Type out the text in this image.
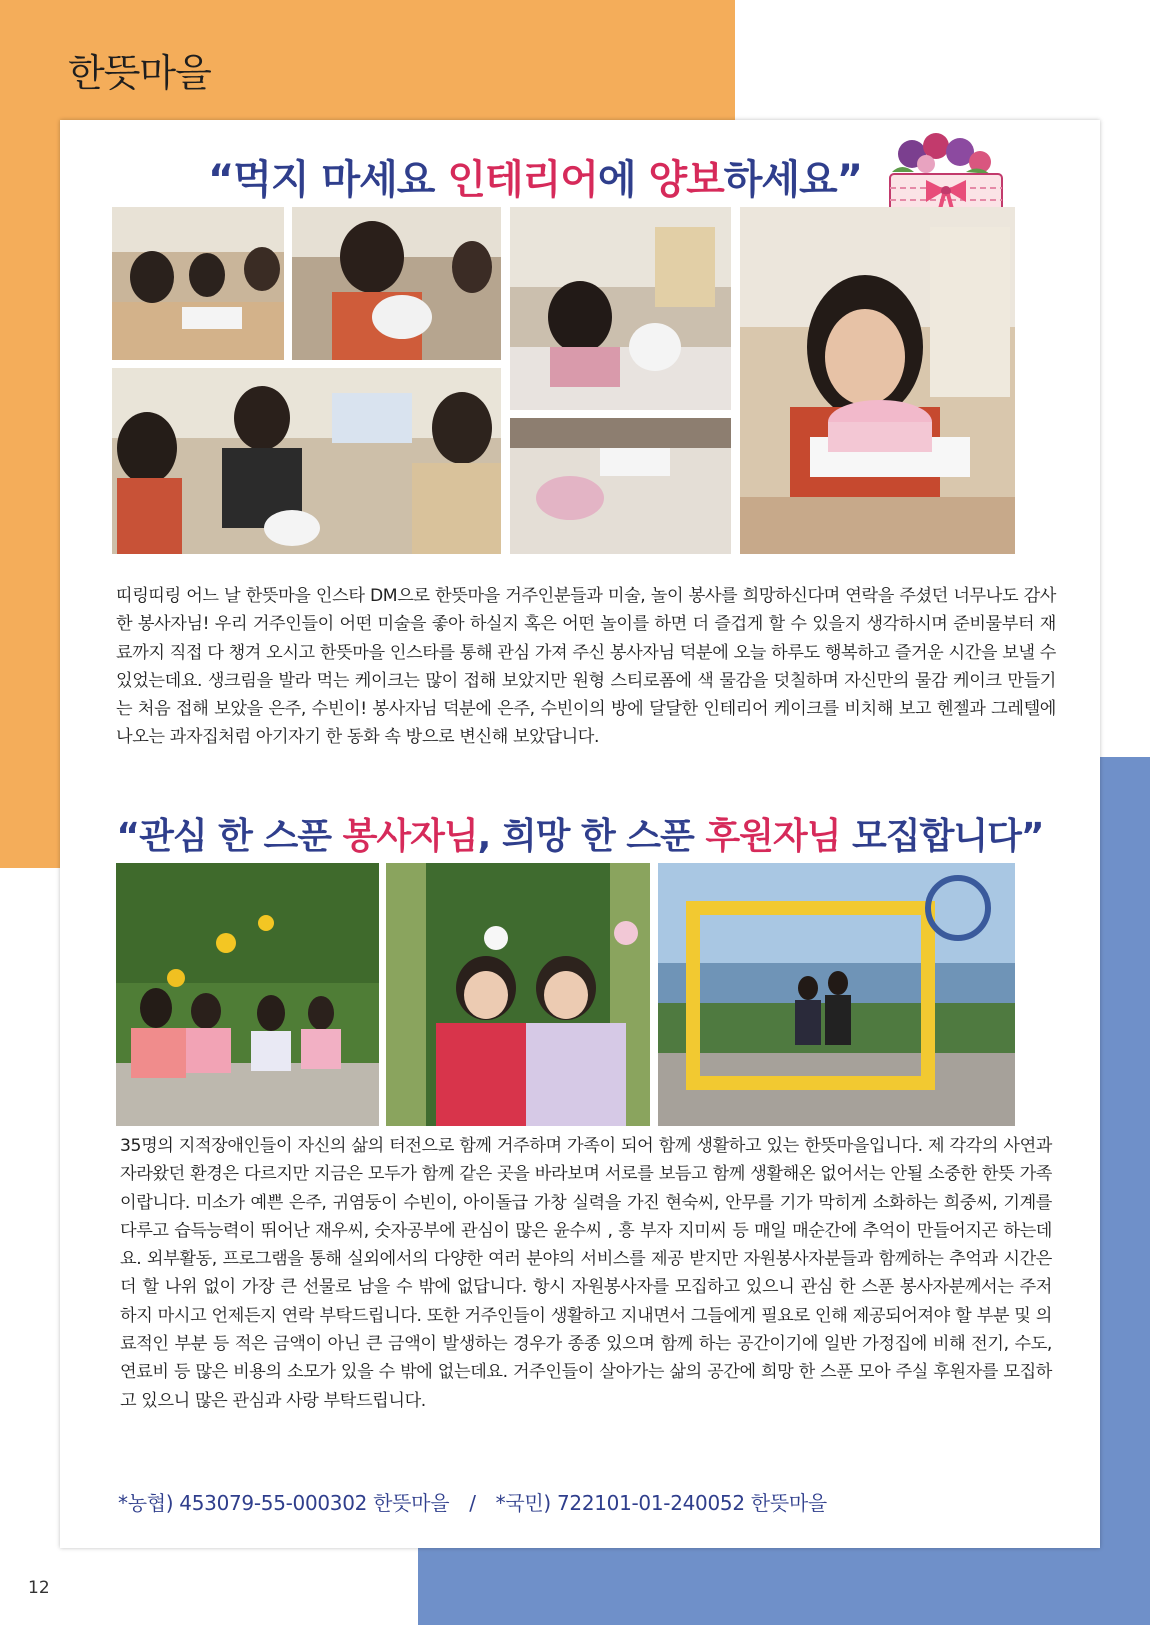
한뜻마을
“먹지 마세요 인테리어에 양보하세요”

띠링띠링 어느 날 한뜻마을 인스타 DM으로 한뜻마을 거주인분들과 미술, 놀이 봉사를 희망하신다며 연락을 주셨던 너무나도 감사한 봉사자님! 우리 거주인들이 어떤 미술을 좋아 하실지 혹은 어떤 놀이를 하면 더 즐겁게 할 수 있을지 생각하시며 준비물부터 재료까지 직접 다 챙겨 오시고 한뜻마을 인스타를 통해 관심 가져 주신 봉사자님 덕분에 오늘 하루도 행복하고 즐거운 시간을 보낼 수 있었는데요. 생크림을 발라 먹는 케이크는 많이 접해 보았지만 원형 스티로폼에 색 물감을 덧칠하며 자신만의 물감 케이크 만들기는 처음 접해 보았을 은주, 수빈이! 봉사자님 덕분에 은주, 수빈이의 방에 달달한 인테리어 케이크를 비치해 보고 헨젤과 그레텔에 나오는 과자집처럼 아기자기 한 동화 속 방으로 변신해 보았답니다.

“관심 한 스푼 봉사자님, 희망 한 스푼 후원자님 모집합니다”

35명의 지적장애인들이 자신의 삶의 터전으로 함께 거주하며 가족이 되어 함께 생활하고 있는 한뜻마을입니다. 제 각각의 사연과 자라왔던 환경은 다르지만 지금은 모두가 함께 같은 곳을 바라보며 서로를 보듬고 함께 생활해온 없어서는 안될 소중한 한뜻 가족이랍니다. 미소가 예쁜 은주, 귀염둥이 수빈이, 아이돌급 가창 실력을 가진 현숙씨, 안무를 기가 막히게 소화하는 희중씨, 기계를 다루고 습득능력이 뛰어난 재우씨, 숫자공부에 관심이 많은 윤수씨 , 흥 부자 지미씨 등 매일 매순간에 추억이 만들어지곤 하는데요. 외부활동, 프로그램을 통해 실외에서의 다양한 여러 분야의 서비스를 제공 받지만 자원봉사자분들과 함께하는 추억과 시간은 더 할 나위 없이 가장 큰 선물로 남을 수 밖에 없답니다. 항시 자원봉사자를 모집하고 있으니 관심 한 스푼 봉사자분께서는 주저 하지 마시고 언제든지 연락 부탁드립니다. 또한 거주인들이 생활하고 지내면서 그들에게 필요로 인해 제공되어져야 할 부분 및 의료적인 부분 등 적은 금액이 아닌 큰 금액이 발생하는 경우가 종종 있으며 함께 하는 공간이기에 일반 가정집에 비해 전기, 수도, 연료비 등 많은 비용의 소모가 있을 수 밖에 없는데요. 거주인들이 살아가는 삶의 공간에 희망 한 스푼 모아 주실 후원자를 모집하고 있으니 많은 관심과 사랑 부탁드립니다.

*농협) 453079-55-000302 한뜻마을 / *국민) 722101-01-240052 한뜻마을

12
